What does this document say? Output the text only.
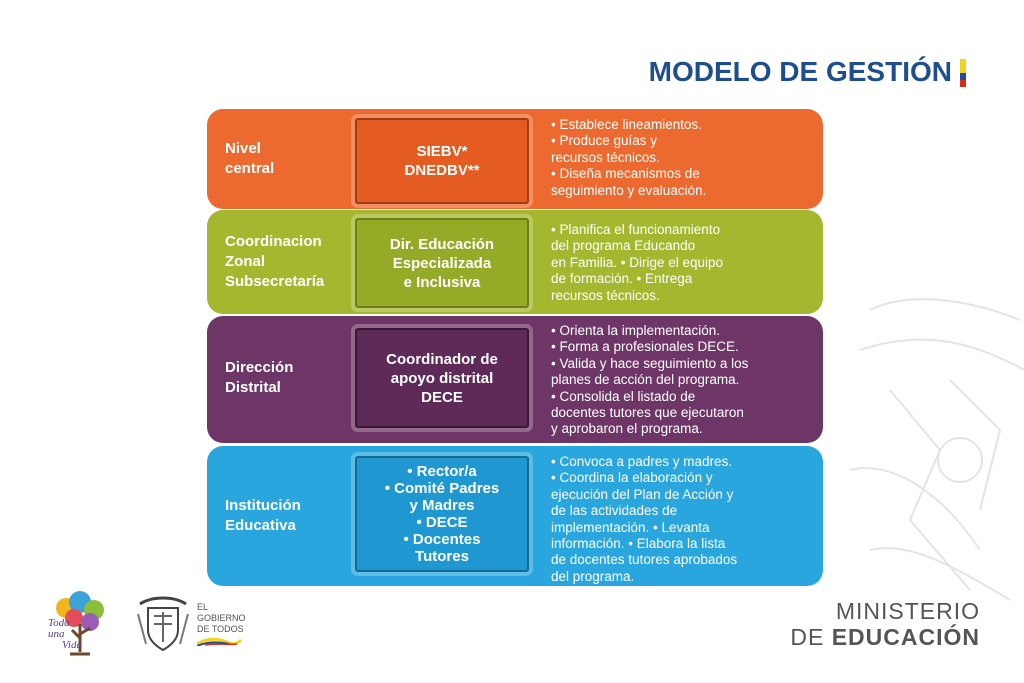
MODELO DE GESTIÓN
Nivel
central
SIEBV*
DNEDBV**
• Establece lineamientos.
• Produce guías y
recursos técnicos.
• Diseña mecanismos de
seguimiento y evaluación.
Coordinacion
Zonal
Subsecretaría
Dir. Educación
Especializada
e Inclusiva
• Planifica el funcionamiento
del programa Educando
en Familia. • Dirige el equipo
de formación. • Entrega
recursos técnicos.
Dirección
Distrital
Coordinador de
apoyo distrital
DECE
• Orienta la implementación.
• Forma a profesionales DECE.
• Valida y hace seguimiento a los
planes de acción del programa.
• Consolida el listado de
docentes tutores que ejecutaron
y aprobaron el programa.
Institución
Educativa
• Rector/a
• Comité Padres
y Madres
• DECE
• Docentes
Tutores
• Convoca a padres y madres.
• Coordina la elaboración y
ejecución del Plan de Acción y
de las actividades de
implementación. • Levanta
información. • Elabora la lista
de docentes tutores aprobados
del programa.
Toda
una
Vida
EL
GOBIERNO
DE TODOS
MINISTERIO
DE EDUCACIÓN
